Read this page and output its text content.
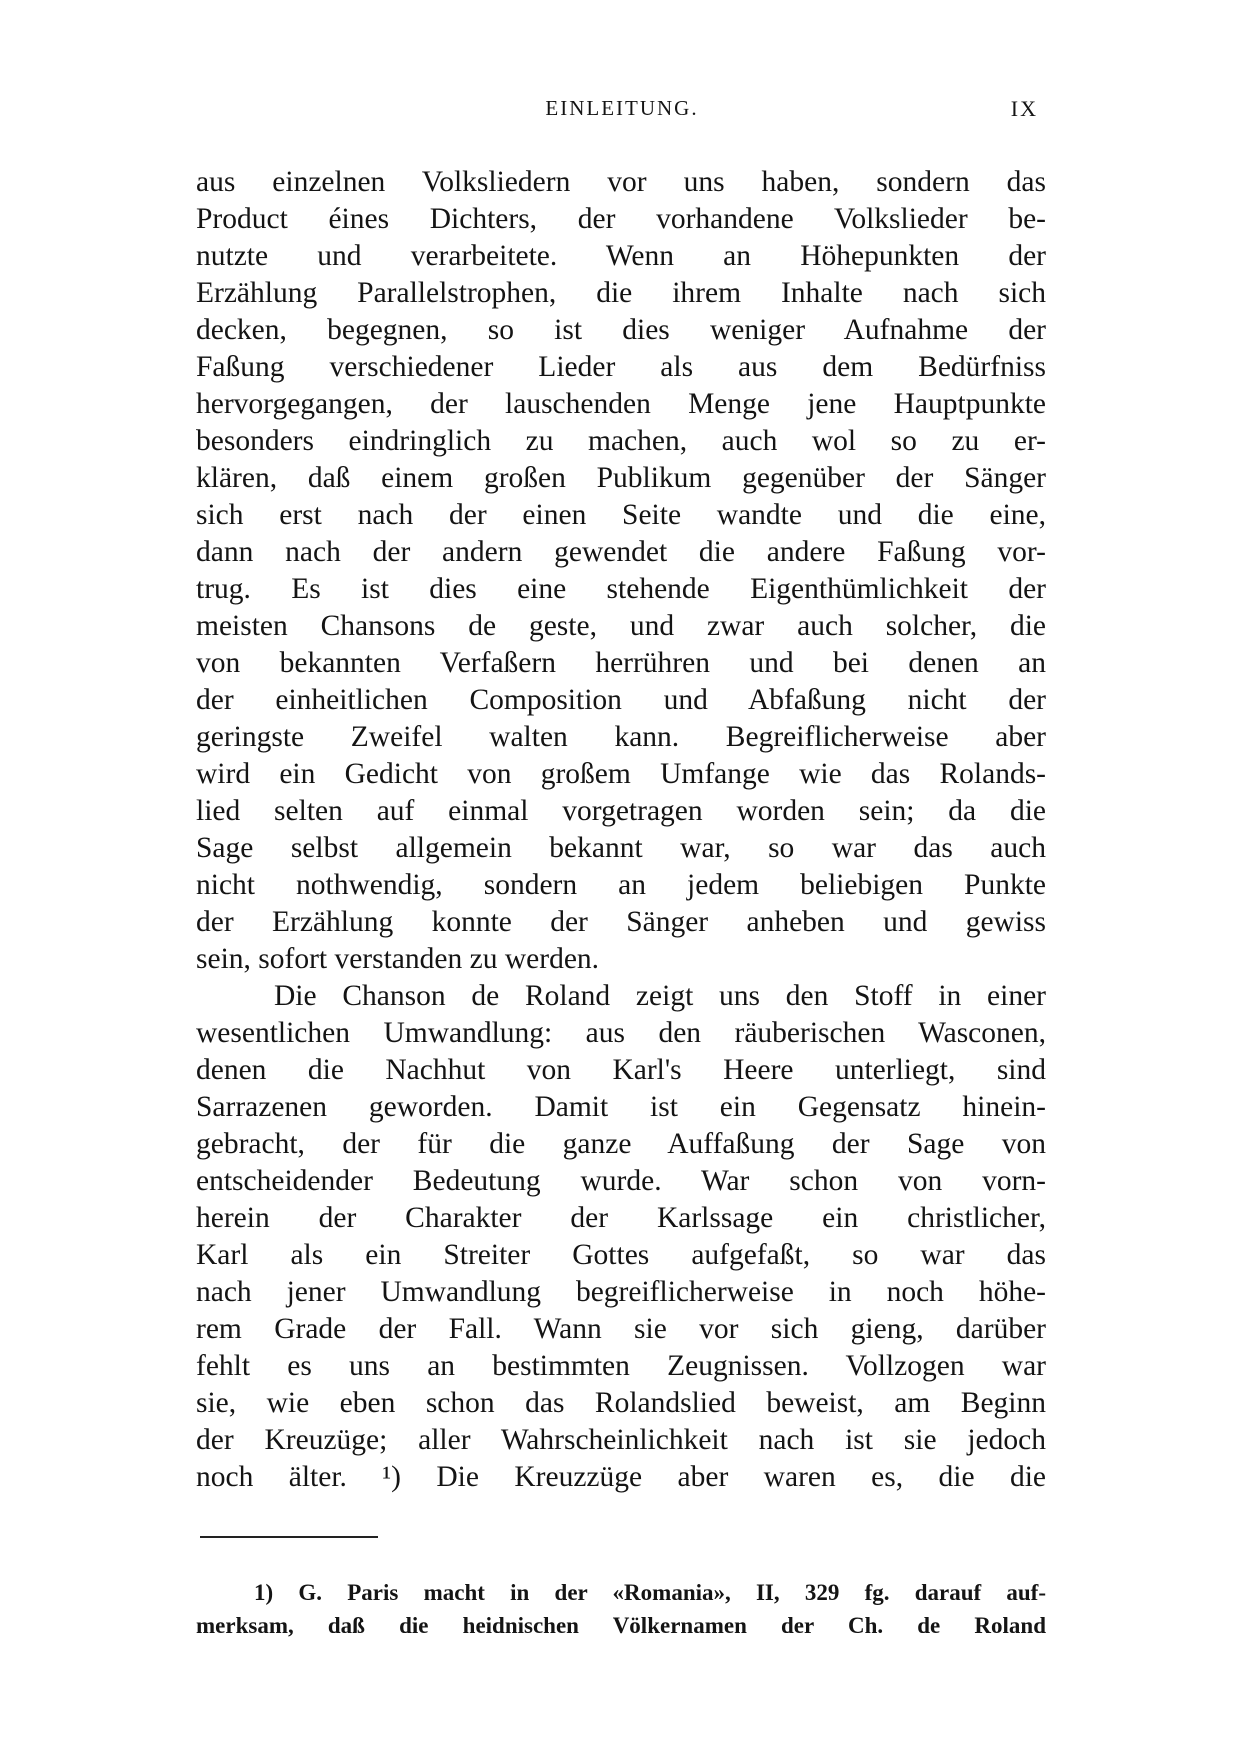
EINLEITUNG.	IX
aus einzelnen Volksliedern vor uns haben, sondern das
Product éines Dichters, der vorhandene Volkslieder be-
nutzte und verarbeitete. Wenn an Höhepunkten der
Erzählung Parallelstrophen, die ihrem Inhalte nach sich
decken, begegnen, so ist dies weniger Aufnahme der
Faßung verschiedener Lieder als aus dem Bedürfniss
hervorgegangen, der lauschenden Menge jene Hauptpunkte
besonders eindringlich zu machen, auch wol so zu er-
klären, daß einem großen Publikum gegenüber der Sänger
sich erst nach der einen Seite wandte und die eine,
dann nach der andern gewendet die andere Faßung vor-
trug. Es ist dies eine stehende Eigenthümlichkeit der
meisten Chansons de geste, und zwar auch solcher, die
von bekannten Verfaßern herrühren und bei denen an
der einheitlichen Composition und Abfaßung nicht der
geringste Zweifel walten kann. Begreiflicherweise aber
wird ein Gedicht von großem Umfange wie das Rolands-
lied selten auf einmal vorgetragen worden sein; da die
Sage selbst allgemein bekannt war, so war das auch
nicht nothwendig, sondern an jedem beliebigen Punkte
der Erzählung konnte der Sänger anheben und gewiss
sein, sofort verstanden zu werden.
Die Chanson de Roland zeigt uns den Stoff in einer
wesentlichen Umwandlung: aus den räuberischen Wasconen,
denen die Nachhut von Karl's Heere unterliegt, sind
Sarrazenen geworden. Damit ist ein Gegensatz hinein-
gebracht, der für die ganze Auffaßung der Sage von
entscheidender Bedeutung wurde. War schon von vorn-
herein der Charakter der Karlssage ein christlicher,
Karl als ein Streiter Gottes aufgefaßt, so war das
nach jener Umwandlung begreiflicherweise in noch höhe-
rem Grade der Fall. Wann sie vor sich gieng, darüber
fehlt es uns an bestimmten Zeugnissen. Vollzogen war
sie, wie eben schon das Rolandslied beweist, am Beginn
der Kreuzüge; aller Wahrscheinlichkeit nach ist sie jedoch
noch älter. ¹) Die Kreuzzüge aber waren es, die die
1) G. Paris macht in der «Romania», II, 329 fg. darauf auf-
merksam, daß die heidnischen Völkernamen der Ch. de Roland
